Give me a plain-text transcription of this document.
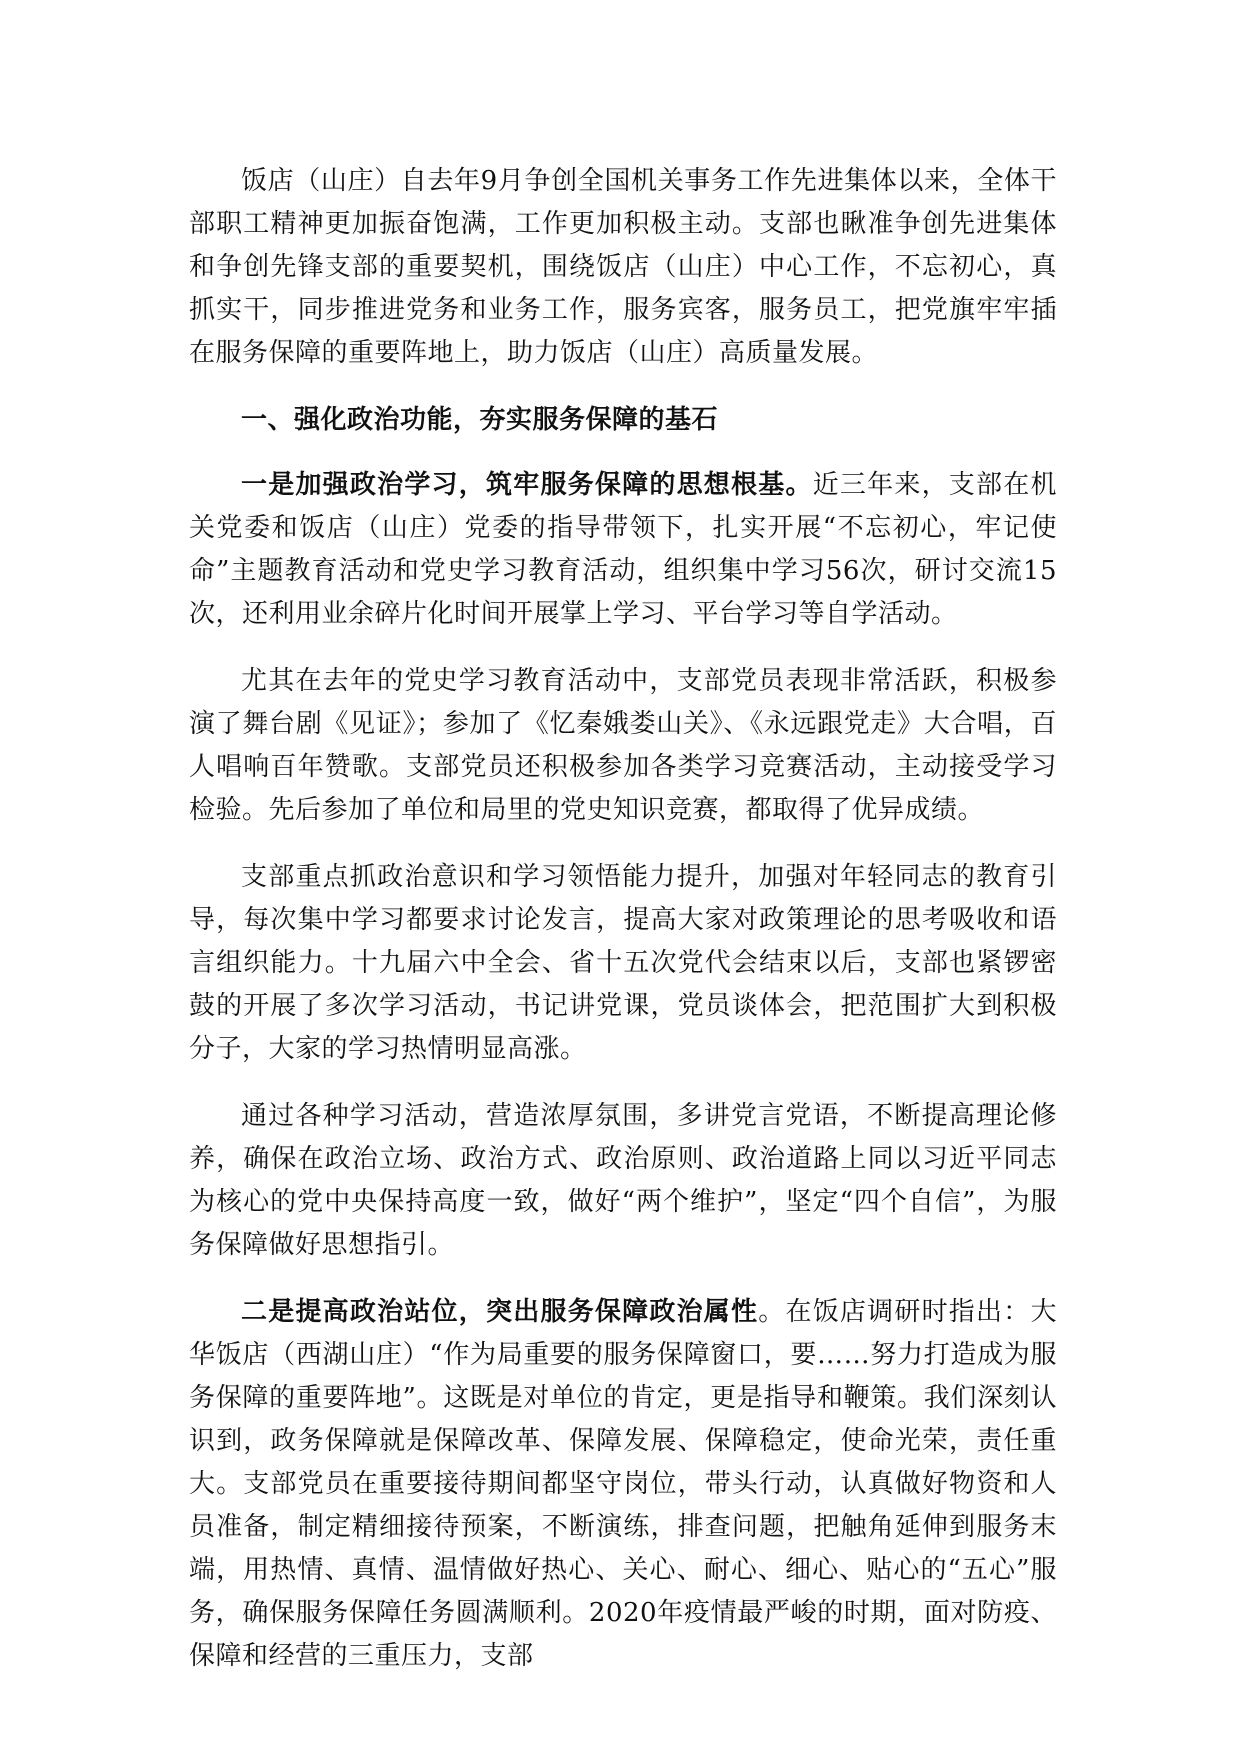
饭店（山庄）自去年9月争创全国机关事务工作先进集体以来，全体干部职工精神更加振奋饱满，工作更加积极主动。支部也瞅准争创先进集体和争创先锋支部的重要契机，围绕饭店（山庄）中心工作，不忘初心，真抓实干，同步推进党务和业务工作，服务宾客，服务员工，把党旗牢牢插在服务保障的重要阵地上，助力饭店（山庄）高质量发展。

一、强化政治功能，夯实服务保障的基石

一是加强政治学习，筑牢服务保障的思想根基。近三年来，支部在机关党委和饭店（山庄）党委的指导带领下，扎实开展“不忘初心，牢记使命”主题教育活动和党史学习教育活动，组织集中学习56次，研讨交流15次，还利用业余碎片化时间开展掌上学习、平台学习等自学活动。

尤其在去年的党史学习教育活动中，支部党员表现非常活跃，积极参演了舞台剧《见证》；参加了《忆秦娥娄山关》、《永远跟党走》大合唱，百人唱响百年赞歌。支部党员还积极参加各类学习竞赛活动，主动接受学习检验。先后参加了单位和局里的党史知识竞赛，都取得了优异成绩。

支部重点抓政治意识和学习领悟能力提升，加强对年轻同志的教育引导，每次集中学习都要求讨论发言，提高大家对政策理论的思考吸收和语言组织能力。十九届六中全会、省十五次党代会结束以后，支部也紧锣密鼓的开展了多次学习活动，书记讲党课，党员谈体会，把范围扩大到积极分子，大家的学习热情明显高涨。

通过各种学习活动，营造浓厚氛围，多讲党言党语，不断提高理论修养，确保在政治立场、政治方式、政治原则、政治道路上同以习近平同志为核心的党中央保持高度一致，做好“两个维护”，坚定“四个自信”，为服务保障做好思想指引。

二是提高政治站位，突出服务保障政治属性。在饭店调研时指出：大华饭店（西湖山庄）“作为局重要的服务保障窗口，要……努力打造成为服务保障的重要阵地”。这既是对单位的肯定，更是指导和鞭策。我们深刻认识到，政务保障就是保障改革、保障发展、保障稳定，使命光荣，责任重大。支部党员在重要接待期间都坚守岗位，带头行动，认真做好物资和人员准备，制定精细接待预案，不断演练，排查问题，把触角延伸到服务末端，用热情、真情、温情做好热心、关心、耐心、细心、贴心的“五心”服务，确保服务保障任务圆满顺利。2020年疫情最严峻的时期，面对防疫、保障和经营的三重压力，支部
